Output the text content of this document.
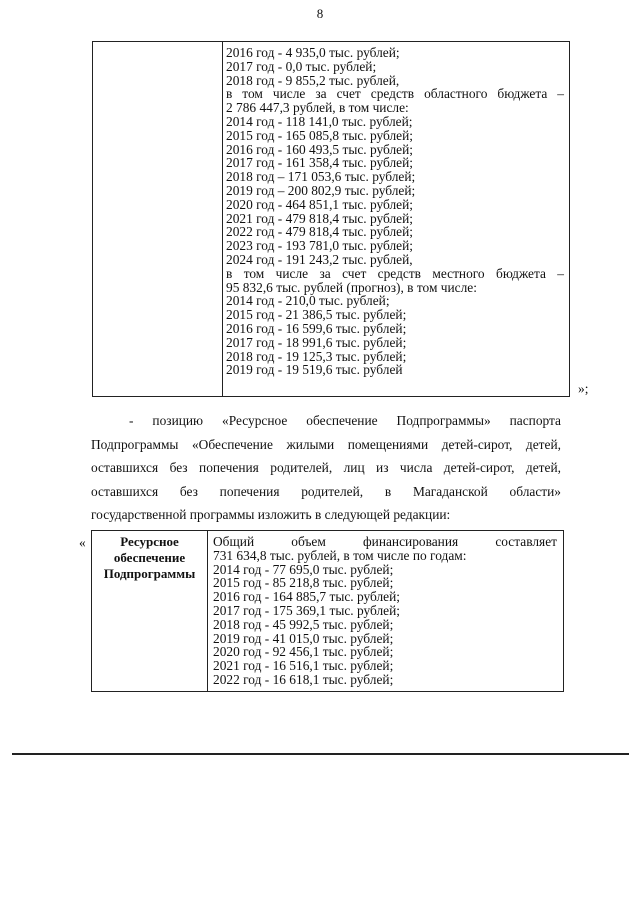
8
2016 год - 4 935,0 тыс. рублей;
2017 год - 0,0 тыс. рублей;
2018 год - 9 855,2 тыс. рублей,
в том числе за счет средств областного бюджета –
2 786 447,3 рублей, в том числе:
2014 год - 118 141,0 тыс. рублей;
2015 год - 165 085,8 тыс. рублей;
2016 год - 160 493,5 тыс. рублей;
2017 год - 161 358,4 тыс. рублей;
2018 год – 171 053,6 тыс. рублей;
2019 год – 200 802,9 тыс. рублей;
2020 год - 464 851,1 тыс. рублей;
2021 год - 479 818,4 тыс. рублей;
2022 год - 479 818,4 тыс. рублей;
2023 год - 193 781,0 тыс. рублей;
2024 год - 191 243,2 тыс. рублей,
в том числе за счет средств местного бюджета –
95 832,6 тыс. рублей (прогноз), в том числе:
2014 год - 210,0 тыс. рублей;
2015 год - 21 386,5 тыс. рублей;
2016 год - 16 599,6 тыс. рублей;
2017 год - 18 991,6 тыс. рублей;
2018 год - 19 125,3 тыс. рублей;
2019 год - 19 519,6 тыс. рублей
»;
- позицию «Ресурсное обеспечение Подпрограммы» паспорта
Подпрограммы «Обеспечение жилыми помещениями детей-сирот, детей,
оставшихся без попечения родителей, лиц из числа детей-сирот, детей,
оставшихся без попечения родителей, в Магаданской области»
государственной программы изложить в следующей редакции:
«	Ресурсное
обеспечение
Подпрограммы
Общий объем финансирования составляет
731 634,8 тыс. рублей, в том числе по годам:
2014 год - 77 695,0 тыс. рублей;
2015 год - 85 218,8 тыс. рублей;
2016 год - 164 885,7 тыс. рублей;
2017 год - 175 369,1 тыс. рублей;
2018 год - 45 992,5 тыс. рублей;
2019 год - 41 015,0 тыс. рублей;
2020 год - 92 456,1 тыс. рублей;
2021 год - 16 516,1 тыс. рублей;
2022 год - 16 618,1 тыс. рублей;
